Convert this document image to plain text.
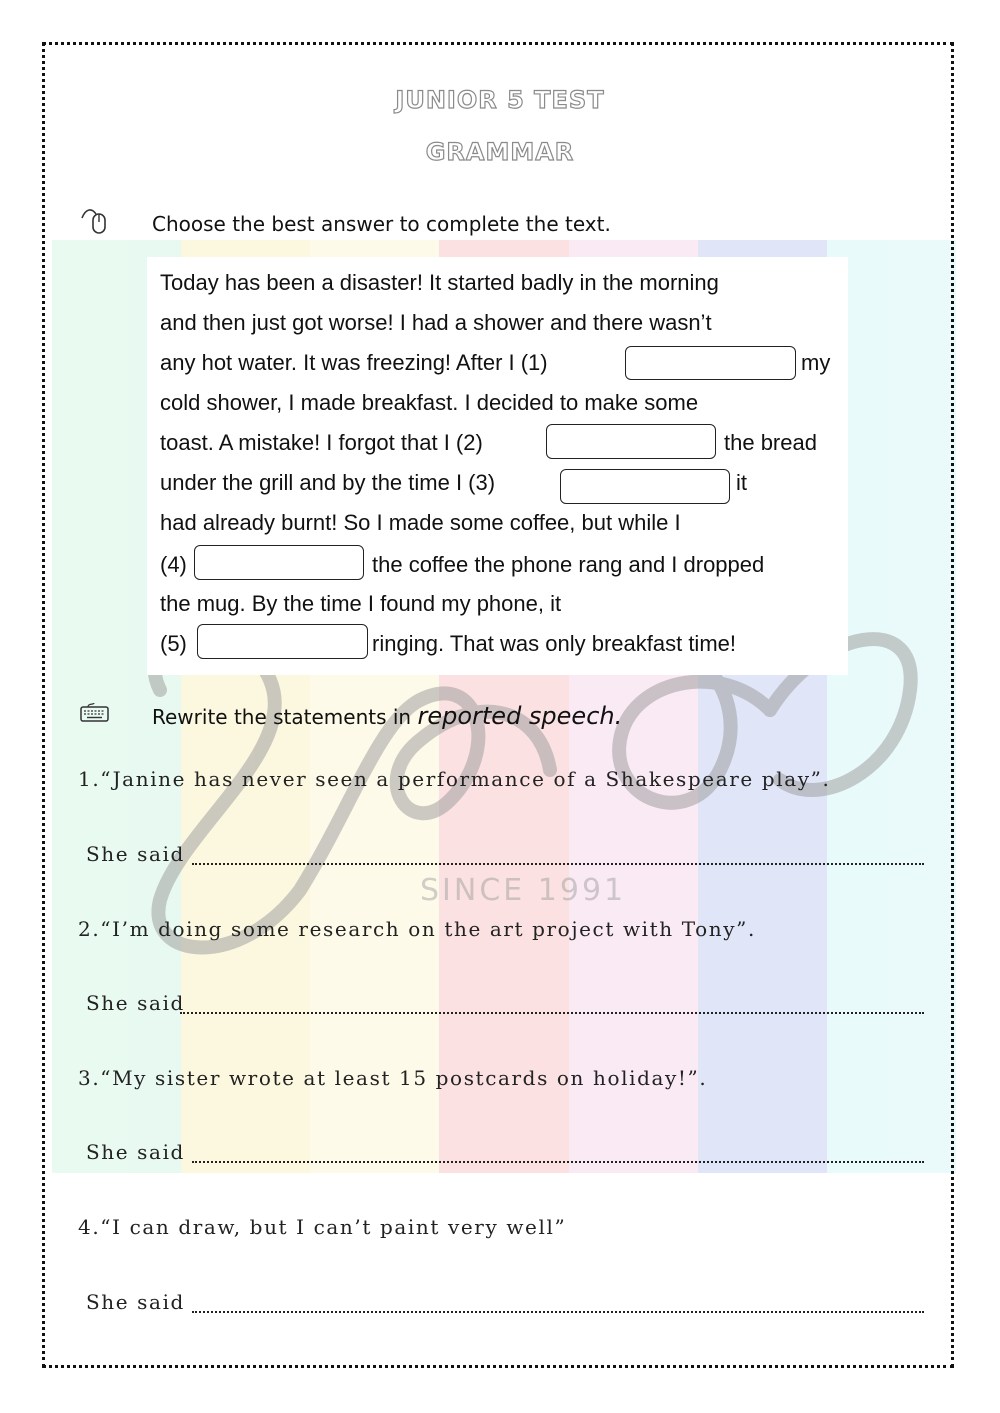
SINCE 1991
JUNIOR 5 TEST
GRAMMAR
Choose the best answer to complete the text.
Today has been a disaster! It started badly in the morning
and then just got worse! I had a shower and there wasn’t
any hot water. It was freezing! After I (1)	my
cold shower, I made breakfast. I decided to make some
toast. A mistake! I forgot that I (2)	the bread
under the grill and by the time I (3)	it
had already burnt! So I made some coffee, but while I
(4)	the coffee the phone rang and I dropped
the mug. By the time I found my phone, it
(5)	ringing. That was only breakfast time!
Rewrite the statements in reported speech.
1.“Janine has never seen a performance of a Shakespeare play”.
She said
2.“I’m doing some research on the art project with Tony”.
She said
3.“My sister wrote at least 15 postcards on holiday!”.
She said
4.“I can draw, but I can’t paint very well”
She said
